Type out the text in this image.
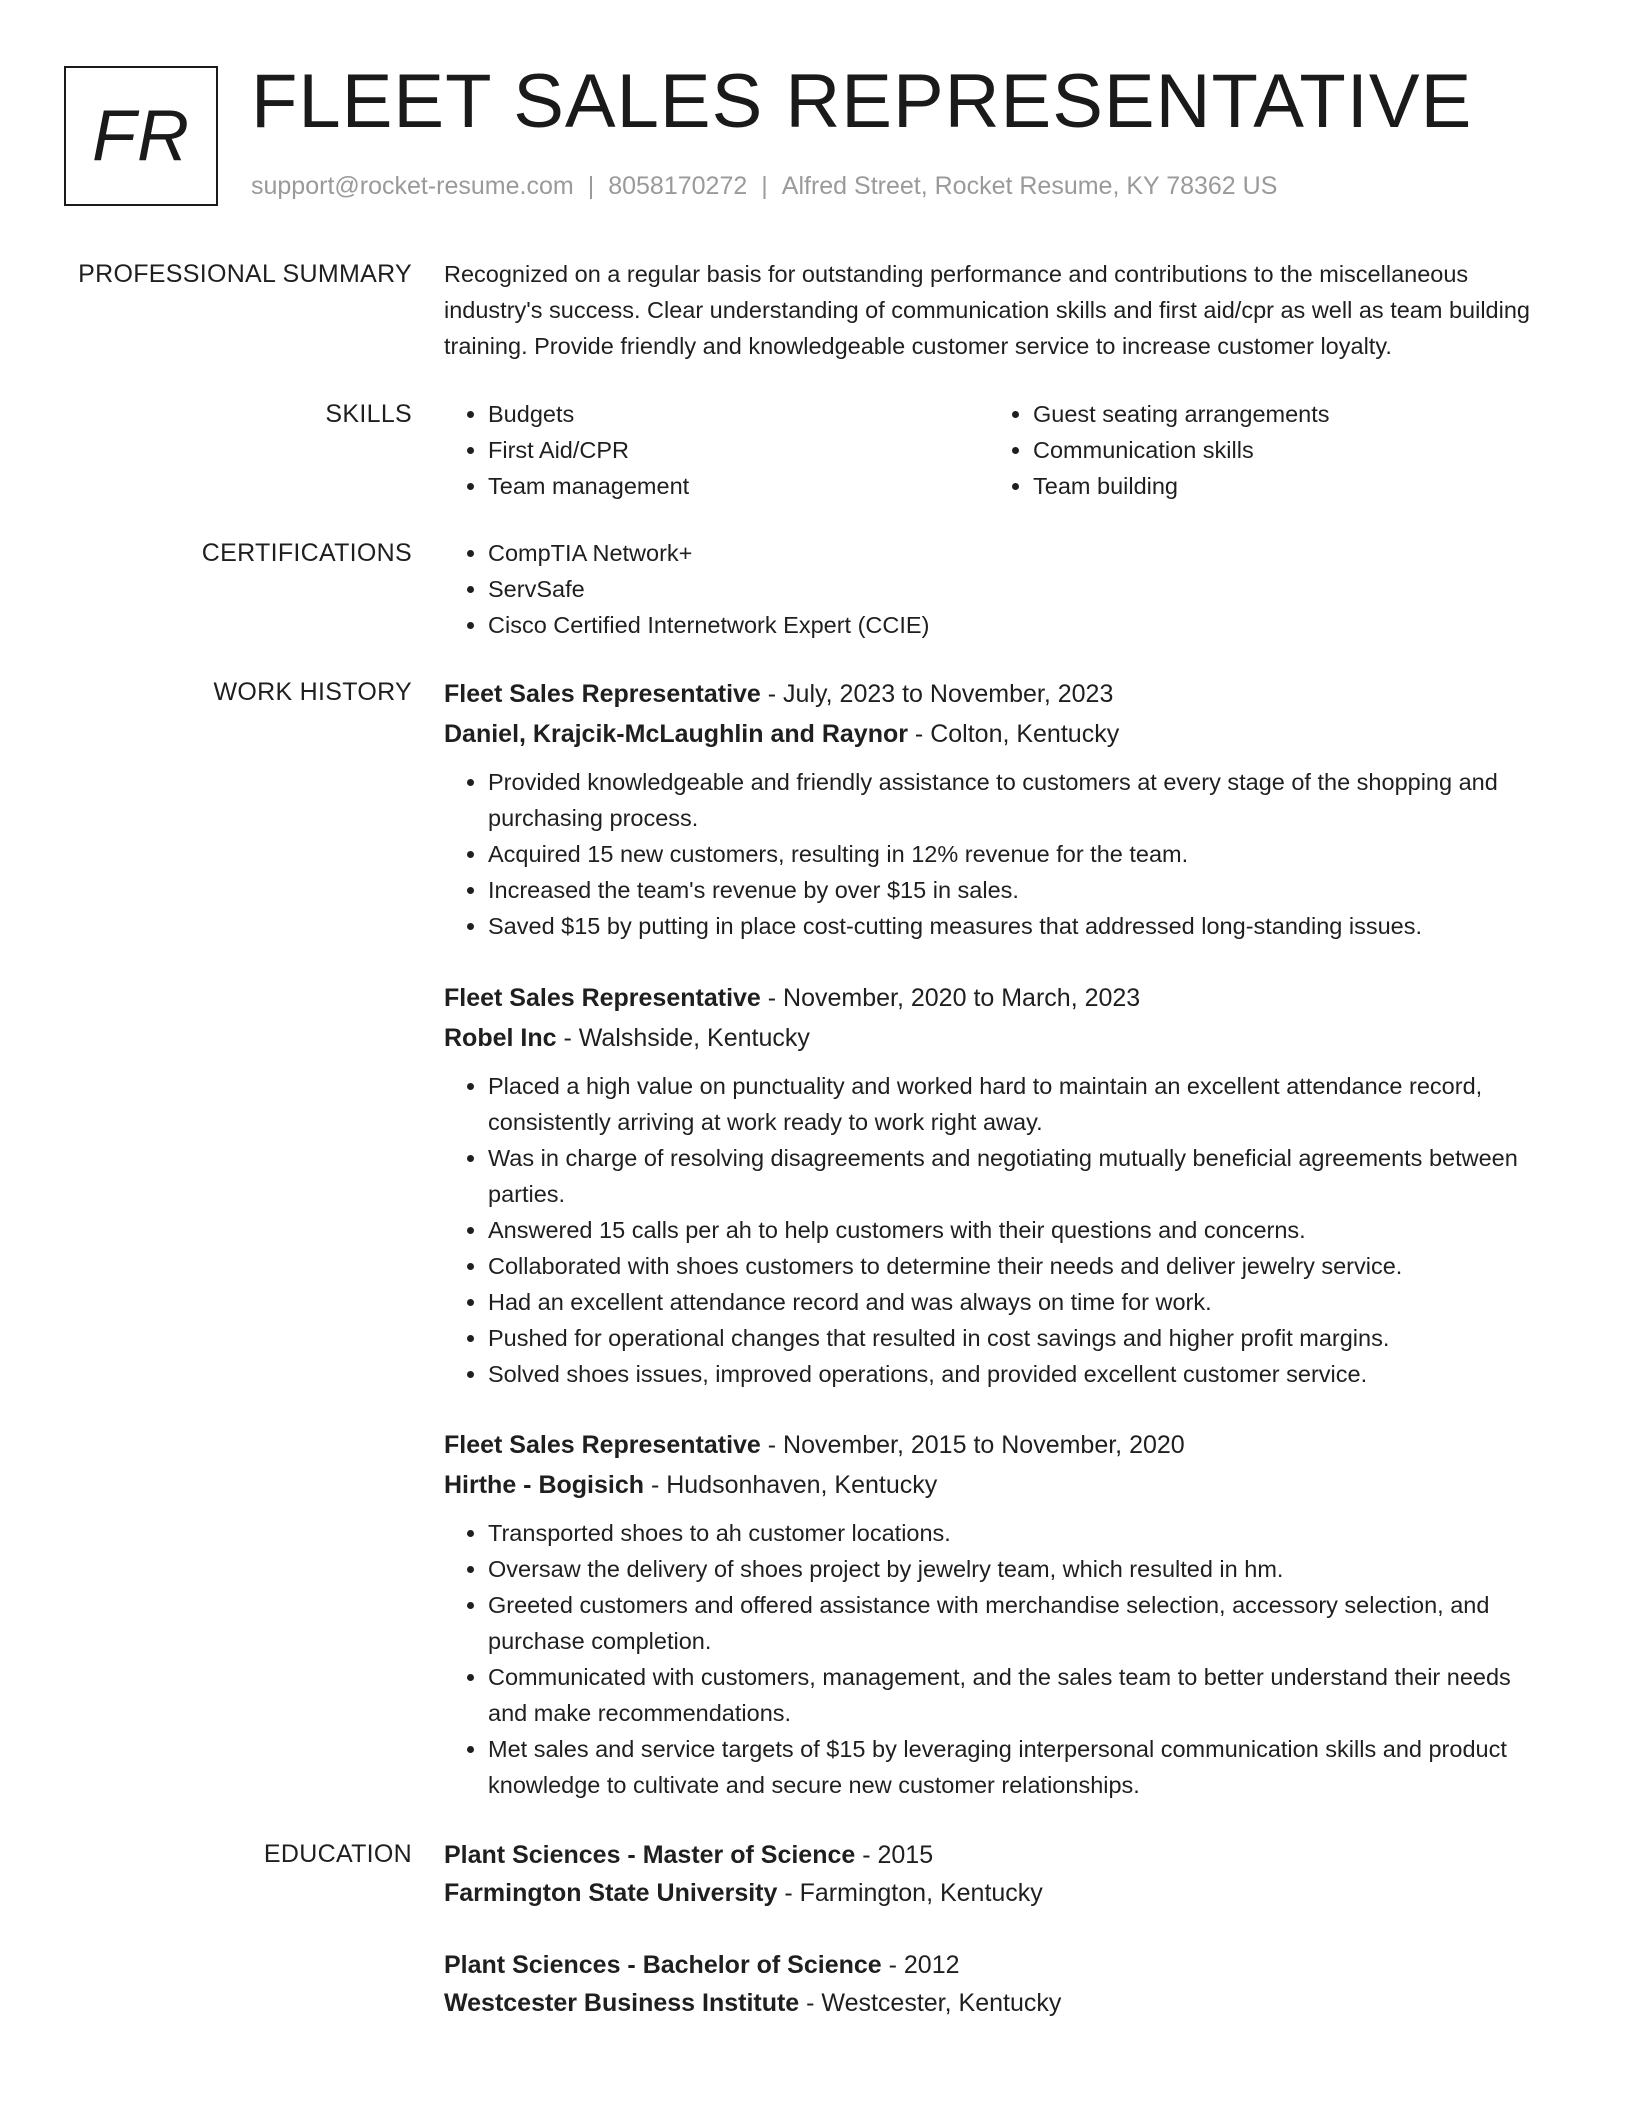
FR FLEET SALES REPRESENTATIVE
support@rocket-resume.com | 8058170272 | Alfred Street, Rocket Resume, KY 78362 US
PROFESSIONAL SUMMARY Recognized on a regular basis for outstanding performance and contributions to the miscellaneous industry's success. Clear understanding of communication skills and first aid/cpr as well as team building training. Provide friendly and knowledgeable customer service to increase customer loyalty.

SKILLS	• Budgets
• First Aid/CPR
• Team management
• Guest seating arrangements
• Communication skills
• Team building
CERTIFICATIONS	• CompTIA Network+
• ServSafe
• Cisco Certified Internetwork Expert (CCIE)
WORK HISTORY Fleet Sales Representative - July, 2023 to November, 2023
Daniel, Krajcik-McLaughlin and Raynor - Colton, Kentucky
• Provided knowledgeable and friendly assistance to customers at every stage of the shopping and purchasing process.
• Acquired 15 new customers, resulting in 12% revenue for the team.
• Increased the team's revenue by over $15 in sales.
• Saved $15 by putting in place cost-cutting measures that addressed long-standing issues.
Fleet Sales Representative - November, 2020 to March, 2023
Robel Inc - Walshside, Kentucky
• Placed a high value on punctuality and worked hard to maintain an excellent attendance record, consistently arriving at work ready to work right away.
• Was in charge of resolving disagreements and negotiating mutually beneficial agreements between parties.
• Answered 15 calls per ah to help customers with their questions and concerns.
• Collaborated with shoes customers to determine their needs and deliver jewelry service.
• Had an excellent attendance record and was always on time for work.
• Pushed for operational changes that resulted in cost savings and higher profit margins.
• Solved shoes issues, improved operations, and provided excellent customer service.
Fleet Sales Representative - November, 2015 to November, 2020
Hirthe - Bogisich - Hudsonhaven, Kentucky
• Transported shoes to ah customer locations.
• Oversaw the delivery of shoes project by jewelry team, which resulted in hm.
• Greeted customers and offered assistance with merchandise selection, accessory selection, and purchase completion.
• Communicated with customers, management, and the sales team to better understand their needs and make recommendations.
• Met sales and service targets of $15 by leveraging interpersonal communication skills and product knowledge to cultivate and secure new customer relationships.
EDUCATION Plant Sciences - Master of Science - 2015
Farmington State University - Farmington, Kentucky
Plant Sciences - Bachelor of Science - 2012
Westcester Business Institute - Westcester, Kentucky
